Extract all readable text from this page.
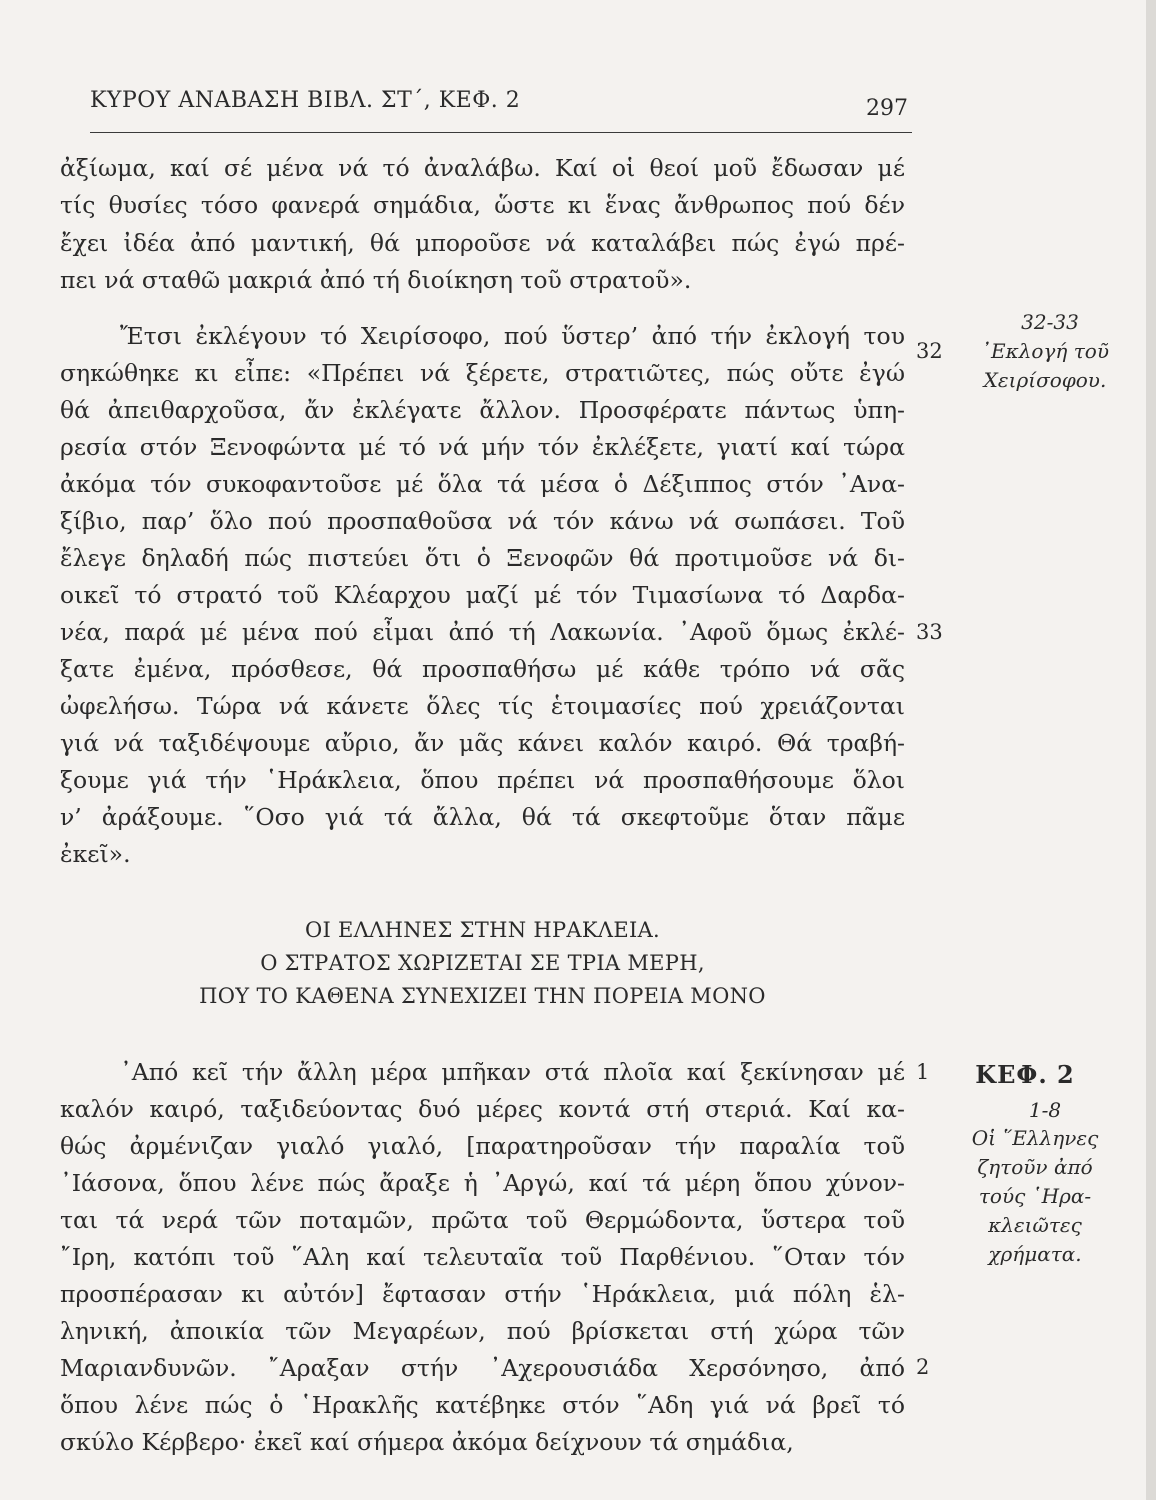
ΚΥΡΟΥ ΑΝΑΒΑΣΗ ΒΙΒΛ. ΣΤ΄, ΚΕΦ. 2	297
ἀξίωμα, καί σέ μένα νά τό ἀναλάβω. Καί οἱ θεοί μοῦ ἔδωσαν μέ
τίς θυσίες τόσο φανερά σημάδια, ὥστε κι ἕνας ἄνθρωπος πού δέν
ἔχει ἰδέα ἀπό μαντική, θά μποροῦσε νά καταλάβει πώς ἐγώ πρέ-
πει νά σταθῶ μακριά ἀπό τή διοίκηση τοῦ στρατοῦ».
Ἔτσι ἐκλέγουν τό Χειρίσοφο, πού ὕστερ’ ἀπό τήν ἐκλογή του
σηκώθηκε κι εἶπε: «Πρέπει νά ξέρετε, στρατιῶτες, πώς οὔτε ἐγώ
θά ἀπειθαρχοῦσα, ἄν ἐκλέγατε ἄλλον. Προσφέρατε πάντως ὑπη-
ρεσία στόν Ξενοφώντα μέ τό νά μήν τόν ἐκλέξετε, γιατί καί τώρα
ἀκόμα τόν συκοφαντοῦσε μέ ὅλα τά μέσα ὁ Δέξιππος στόν ᾿Ανα-
ξίβιο, παρ’ ὅλο πού προσπαθοῦσα νά τόν κάνω νά σωπάσει. Τοῦ
ἔλεγε δηλαδή πώς πιστεύει ὅτι ὁ Ξενοφῶν θά προτιμοῦσε νά δι-
οικεῖ τό στρατό τοῦ Κλέαρχου μαζί μέ τόν Τιμασίωνα τό Δαρδα-
νέα, παρά μέ μένα πού εἶμαι ἀπό τή Λακωνία. ᾿Αφοῦ ὅμως ἐκλέ-
ξατε ἐμένα, πρόσθεσε, θά προσπαθήσω μέ κάθε τρόπο νά σᾶς
ὠφελήσω. Τώρα νά κάνετε ὅλες τίς ἑτοιμασίες πού χρειάζονται
γιά νά ταξιδέψουμε αὔριο, ἄν μᾶς κάνει καλόν καιρό. Θά τραβή-
ξουμε γιά τήν ῾Ηράκλεια, ὅπου πρέπει νά προσπαθήσουμε ὅλοι
ν’ ἀράξουμε. ῞Οσο γιά τά ἄλλα, θά τά σκεφτοῦμε ὅταν πᾶμε
ἐκεῖ».
ΟΙ ΕΛΛΗΝΕΣ ΣΤΗΝ ΗΡΑΚΛΕΙΑ.
Ο ΣΤΡΑΤΟΣ ΧΩΡΙΖΕΤΑΙ ΣΕ ΤΡΙΑ ΜΕΡΗ,
ΠΟΥ ΤΟ ΚΑΘΕΝΑ ΣΥΝΕΧΙΖΕΙ ΤΗΝ ΠΟΡΕΙΑ ΜΟΝΟ
᾿Από κεῖ τήν ἄλλη μέρα μπῆκαν στά πλοῖα καί ξεκίνησαν μέ
καλόν καιρό, ταξιδεύοντας δυό μέρες κοντά στή στεριά. Καί κα-
θώς ἀρμένιζαν γιαλό γιαλό, [παρατηροῦσαν τήν παραλία τοῦ
᾿Ιάσονα, ὅπου λένε πώς ἄραξε ἡ ᾿Αργώ, καί τά μέρη ὅπου χύνον-
ται τά νερά τῶν ποταμῶν, πρῶτα τοῦ Θερμώδοντα, ὕστερα τοῦ
῎Ιρη, κατόπι τοῦ ῞Αλη καί τελευταῖα τοῦ Παρθένιου. ῞Οταν τόν
προσπέρασαν κι αὐτόν] ἔφτασαν στήν ῾Ηράκλεια, μιά πόλη ἑλ-
ληνική, ἀποικία τῶν Μεγαρέων, πού βρίσκεται στή χώρα τῶν
Μαριανδυνῶν. ῎Αραξαν στήν ᾿Αχερουσιάδα Χερσόνησο, ἀπό
ὅπου λένε πώς ὁ ῾Ηρακλῆς κατέβηκε στόν ῞Αδη γιά νά βρεῖ τό
σκύλο Κέρβερο· ἐκεῖ καί σήμερα ἀκόμα δείχνουν τά σημάδια,
32
33
1
2
32-33
᾿Εκλογή τοῦ
Χειρίσοφου.
ΚΕΦ. 2
1-8
Οἱ ῞Ελληνες
ζητοῦν ἀπό
τούς ῾Ηρα-
κλειῶτες
χρήματα.
